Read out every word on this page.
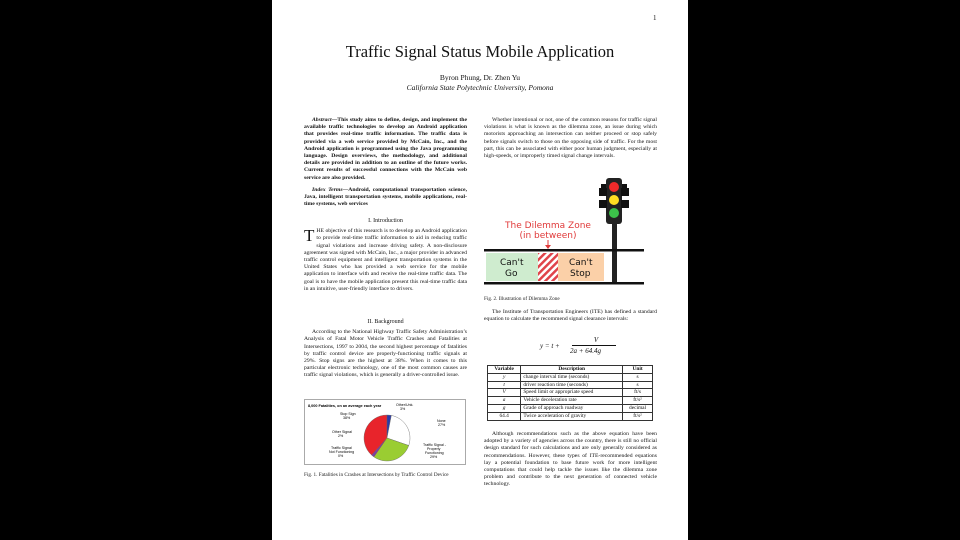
1
Traffic Signal Status Mobile Application
Byron Phung, Dr. Zhen Yu
California State Polytechnic University, Pomona

Abstract—This study aims to define, design, and implement the available traffic technologies to develop an Android application that provides real-time traffic information. The traffic data is provided via a web service provided by McCain, Inc., and the Android application is programmed using the Java programming language. Design overviews, the methodology, and additional details are provided in addition to an outline of the future works. Current results of successful connections with the McCain web service are also provided.

Index Terms—Android, computational transportation science, Java, intelligent transportation systems, mobile applications, real-time systems, web services

I. Introduction

THE objective of this research is to develop an Android application to provide real-time traffic information to aid in reducing traffic signal violations and increase driving safety. A non-disclosure agreement was signed with McCain, Inc., a major provider in advanced traffic control equipment and intelligent transportation systems in the United States who has provided a web service for the mobile application to interface with and receive the real-time traffic data. The goal is to have the mobile application present this real-time traffic data in an intuitive, user-friendly interface to drivers.

II. Background

According to the National Highway Traffic Safety Administration’s Analysis of Fatal Motor Vehicle Traffic Crashes and Fatalities at Intersections, 1997 to 2004, the second highest percentage of fatalities by traffic control device are properly-functioning traffic signals at 29%. Stop signs are the highest at 38%. When it comes to this particular electronic technology, one of the most common causes are traffic signal violations, which is generally a driver-controlled issue.

8,000 Fatalities, on an average each year
Stop Sign 38%
Other/Unk. 3%
None 27%
Traffic Signal -Properly Functioning 29%
Other Signal 2%
Traffic Signal Not Functioning 0%
Fig. 1. Fatalities in Crashes at Intersections by Traffic Control Device

Whether intentional or not, one of the common reasons for traffic signal violations is what is known as the dilemma zone, an issue during which motorists approaching an intersection can neither proceed or stop safely before signals switch to those on the opposing side of traffic. For the most part, this can be associated with either poor human judgment, especially at high-speeds, or improperly timed signal change intervals.

Can't Go
Can't Stop
The Dilemma Zone
(in between)
Fig. 2. Illustration of Dilemma Zone

The Institute of Transportation Engineers (ITE) has defined a standard equation to calculate the recommend signal clearance intervals:

y = t +
V
2a + 64.4g
Variable	Description	Unit
y	change interval time (seconds)	s
t	driver reaction time (seconds)	s
V	Speed limit or appropriate speed	ft/s
a	Vehicle deceleration rate	ft/s²
g	Grade of approach roadway	decimal
64.4	Twice acceleration of gravity	ft/s²

Although recommendations such as the above equation have been adopted by a variety of agencies across the country, there is still no official design standard for such calculations and are only generally considered as recommendations. However, these types of ITE-recommended equations lay a potential foundation to base future work for more intelligent computations that could help tackle the issues like the dilemma zone problem and contribute to the next generation of connected vehicle technology.
